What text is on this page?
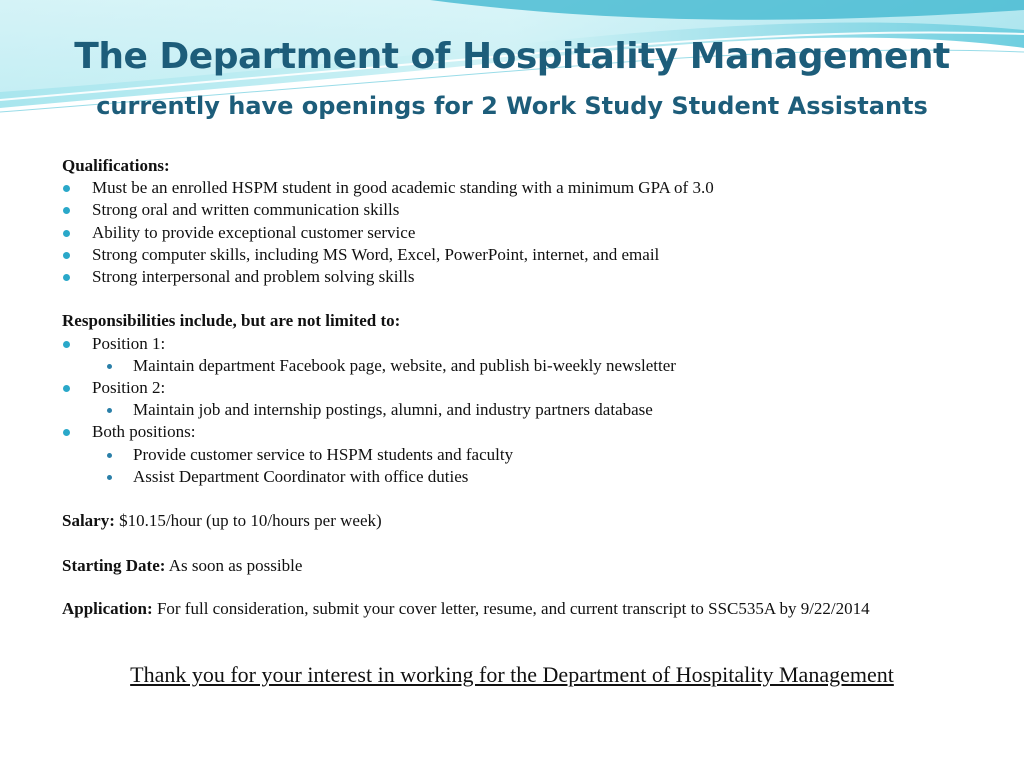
The Department of Hospitality Management
currently have openings for 2 Work Study Student Assistants
Qualifications:
Must be an enrolled HSPM student in good academic standing with a minimum GPA of 3.0
Strong oral and written communication skills
Ability to provide exceptional customer service
Strong computer skills, including MS Word, Excel, PowerPoint, internet, and email
Strong interpersonal and problem solving skills
Responsibilities include, but are not limited to:
Position 1:
Maintain department Facebook page, website, and publish bi-weekly newsletter
Position 2:
Maintain job and internship postings, alumni, and industry partners database
Both positions:
Provide customer service to HSPM students and faculty
Assist Department Coordinator with office duties
Salary: $10.15/hour (up to 10/hours per week)
Starting Date: As soon as possible
Application: For full consideration, submit your cover letter, resume, and current transcript to SSC535A by 9/22/2014
Thank you for your interest in working for the Department of Hospitality Management
